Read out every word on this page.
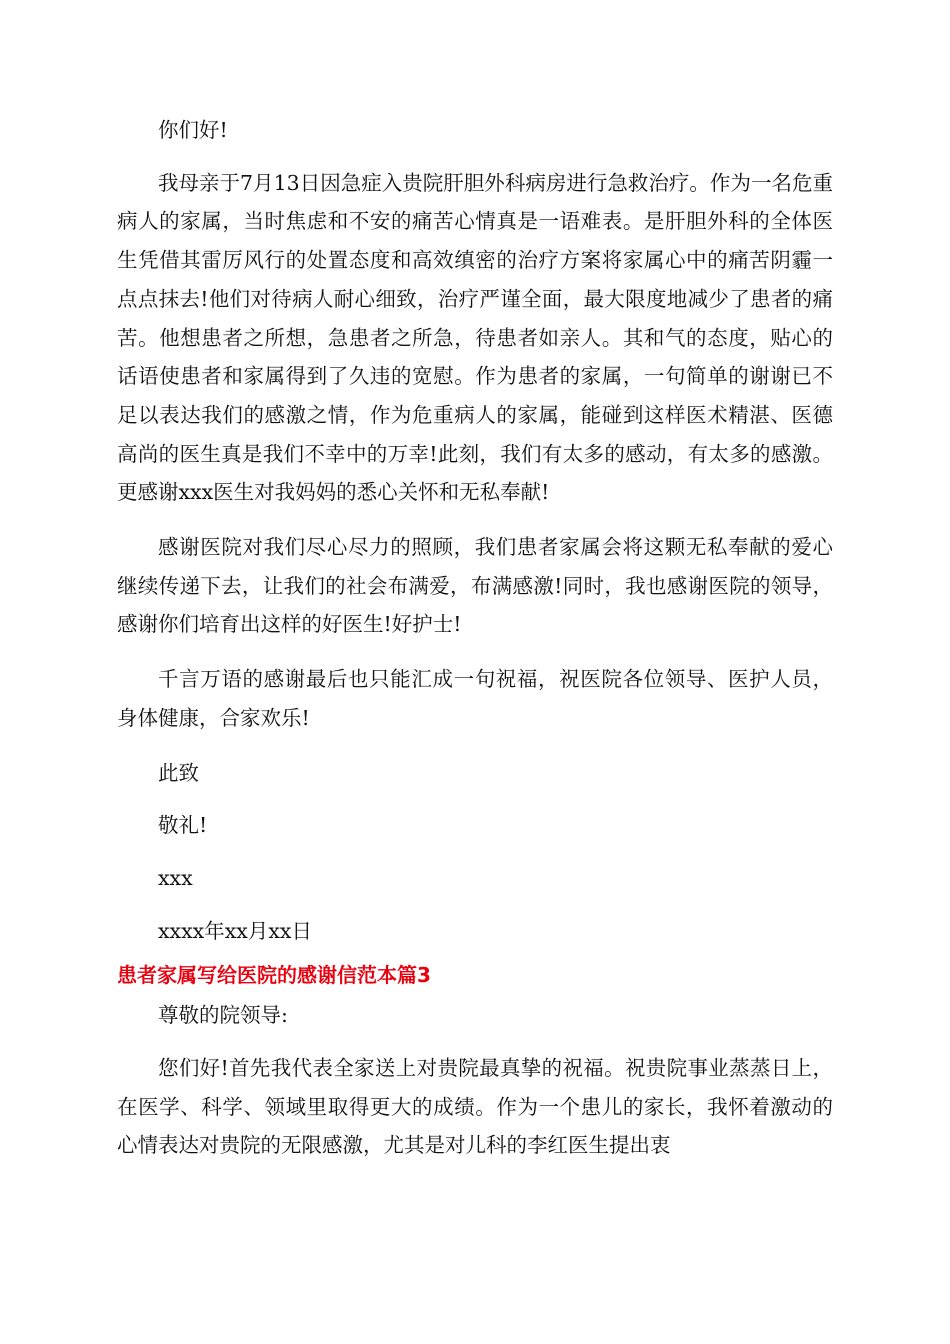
你们好!

我母亲于7月13日因急症入贵院肝胆外科病房进行急救治疗。作为一名危重病人的家属，当时焦虑和不安的痛苦心情真是一语难表。是肝胆外科的全体医生凭借其雷厉风行的处置态度和高效缜密的治疗方案将家属心中的痛苦阴霾一点点抹去!他们对待病人耐心细致，治疗严谨全面，最大限度地减少了患者的痛苦。他想患者之所想，急患者之所急，待患者如亲人。其和气的态度，贴心的话语使患者和家属得到了久违的宽慰。作为患者的家属，一句简单的谢谢已不足以表达我们的感激之情，作为危重病人的家属，能碰到这样医术精湛、医德高尚的医生真是我们不幸中的万幸!此刻，我们有太多的感动，有太多的感激。更感谢xxx医生对我妈妈的悉心关怀和无私奉献!

感谢医院对我们尽心尽力的照顾，我们患者家属会将这颗无私奉献的爱心继续传递下去，让我们的社会布满爱，布满感激!同时，我也感谢医院的领导，感谢你们培育出这样的好医生!好护士!

千言万语的感谢最后也只能汇成一句祝福，祝医院各位领导、医护人员，身体健康，合家欢乐!

此致

敬礼!

xxx

xxxx年xx月xx日

患者家属写给医院的感谢信范本篇3

尊敬的院领导:

您们好!首先我代表全家送上对贵院最真挚的祝福。祝贵院事业蒸蒸日上，在医学、科学、领域里取得更大的成绩。作为一个患儿的家长，我怀着激动的心情表达对贵院的无限感激，尤其是对儿科的李红医生提出衷
